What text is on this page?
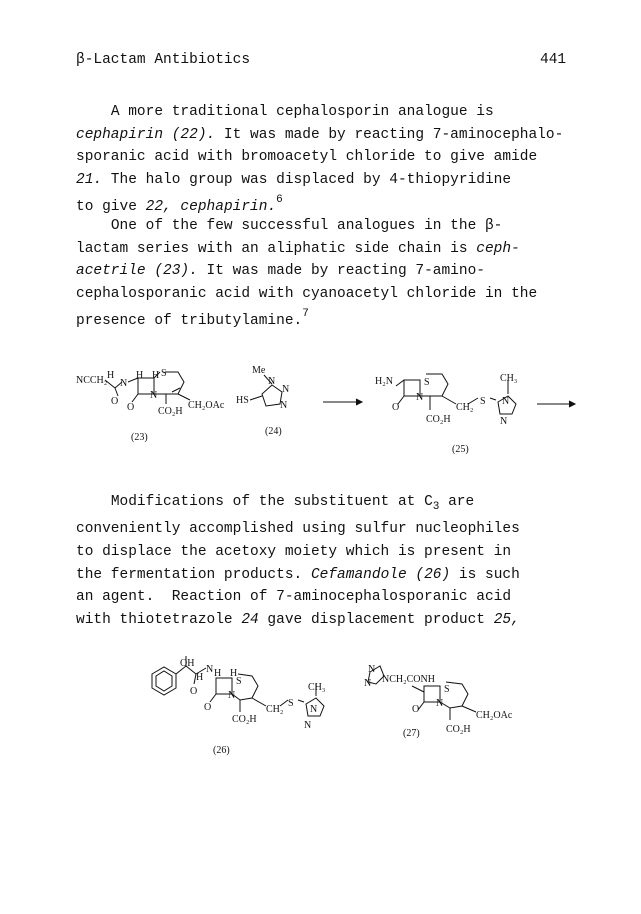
β-Lactam Antibiotics	441
A more traditional cephalosporin analogue is
cephapirin (22). It was made by reacting 7-aminocephalo-
sporanic acid with bromoacetyl chloride to give amide
21. The halo group was displaced by 4-thiopyridine
to give 22, cephapirin.$^6$
One of the few successful analogues in the β-
lactam series with an aliphatic side chain is ceph-
acetrile (23). It was made by reacting 7-amino-
cephalosporanic acid with cyanoacetyl chloride in the
presence of tributylamine.$^7$
NCCH₂ H
N
H H S
O
O
N
CH₂OAc
CO₂H
Me
N
N
N
HS
H₂N	S
O
N
CH₂
S
CH₃
N
N
CO₂H
OH
O
N
H H H
S
O
N
CH₂
S
CH₃
N
N
CO₂H
N
N NCH₂CONH
S
O
N
CH₂OAc
CO₂H
(23)
(24)
(25)
Modifications of the substituent at $C_3$ are
conveniently accomplished using sulfur nucleophiles
to displace the acetoxy moiety which is present in
the fermentation products. Cefamandole (26) is such
an agent.  Reaction of 7-aminocephalosporanic acid
with thiotetrazole 24 gave displacement product 25,
(26)
(27)
